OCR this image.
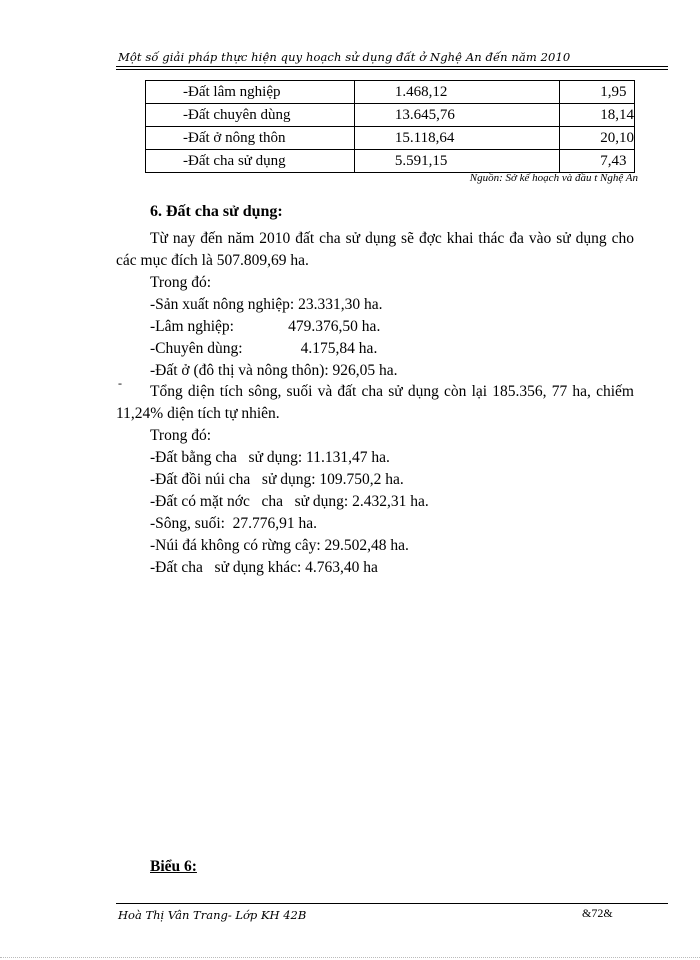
Một số giải pháp thực hiện quy hoạch sử dụng đất ở Nghệ An đến năm 2010
-Đất lâm nghiệp	1.468,12	1,95
-Đất chuyên dùng	13.645,76	18,14
-Đất ở nông thôn	15.118,64	20,10
-Đất cha sử dụng	5.591,15	7,43
Nguồn: Sở kế hoạch và đầu t Nghệ An
6. Đất cha sử dụng:
Từ nay đến năm 2010 đất cha sử dụng sẽ đợc khai thác đa vào sử dụng cho các mục đích là 507.809,69 ha.
Trong đó:
-Sản xuất nông nghiệp: 23.331,30 ha.
-Lâm nghiệp:              479.376,50 ha.
-Chuyên dùng:               4.175,84 ha.
-Đất ở (đô thị và nông thôn): 926,05 ha.
-	Tổng diện tích sông, suối và đất cha sử dụng còn lại 185.356, 77 ha, chiếm 11,24% diện tích tự nhiên.
Trong đó:
-Đất bằng cha   sử dụng: 11.131,47 ha.
-Đất đồi núi cha   sử dụng: 109.750,2 ha.
-Đất có mặt nớc   cha   sử dụng: 2.432,31 ha.
-Sông, suối:  27.776,91 ha.
-Núi đá không có rừng cây: 29.502,48 ha.
-Đất cha   sử dụng khác: 4.763,40 ha
Biểu 6:
Hoà Thị Vân Trang- Lớp KH 42B	&72&
